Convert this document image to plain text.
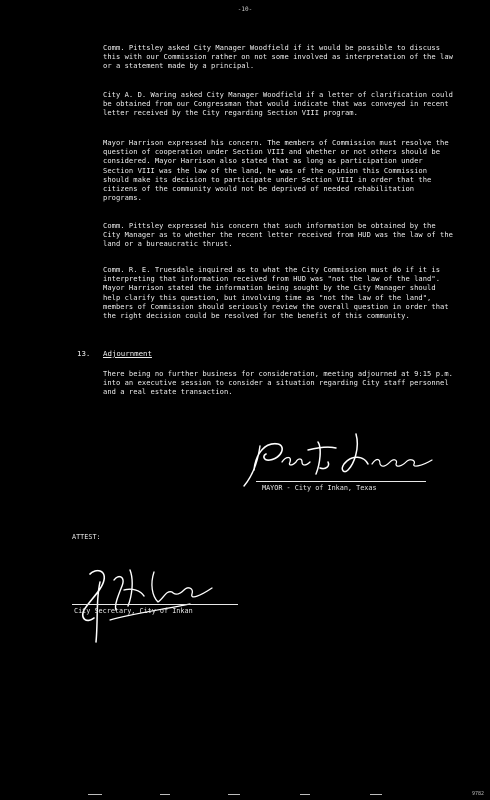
-10-
Comm. Pittsley asked City Manager Woodfield if it would be possible to discuss this with our Commission rather on not some involved as interpretation of the law or a statement made by a principal.
City A. D. Waring asked City Manager Woodfield if a letter of clarification could be obtained from our Congressman that would indicate that was conveyed in recent letter received by the City regarding Section VIII program.
Mayor Harrison expressed his concern. The members of Commission must resolve the question of cooperation under Section VIII and whether or not others should be considered. Mayor Harrison also stated that as long as participation under Section VIII was the law of the land, he was of the opinion this Commission should make its decision to participate under Section VIII in order that the citizens of the community would not be deprived of needed rehabilitation programs.
Comm. Pittsley expressed his concern that such information be obtained by the City Manager as to whether the recent letter received from HUD was the law of the land or a bureaucratic thrust.
Comm. R. E. Truesdale inquired as to what the City Commission must do if it is interpreting that information received from HUD was "not the law of the land". Mayor Harrison stated the information being sought by the City Manager should help clarify this question, but involving time as "not the law of the land", members of Commission should seriously review the overall question in order that the right decision could be resolved for the benefit of this community.
13. Adjournment
There being no further business for consideration, meeting adjourned at 9:15 p.m. into an executive session to consider a situation regarding City staff personnel and a real estate transaction.
MAYOR - City of Inkan, Texas
ATTEST:
City Secretary, City of Inkan
9782
